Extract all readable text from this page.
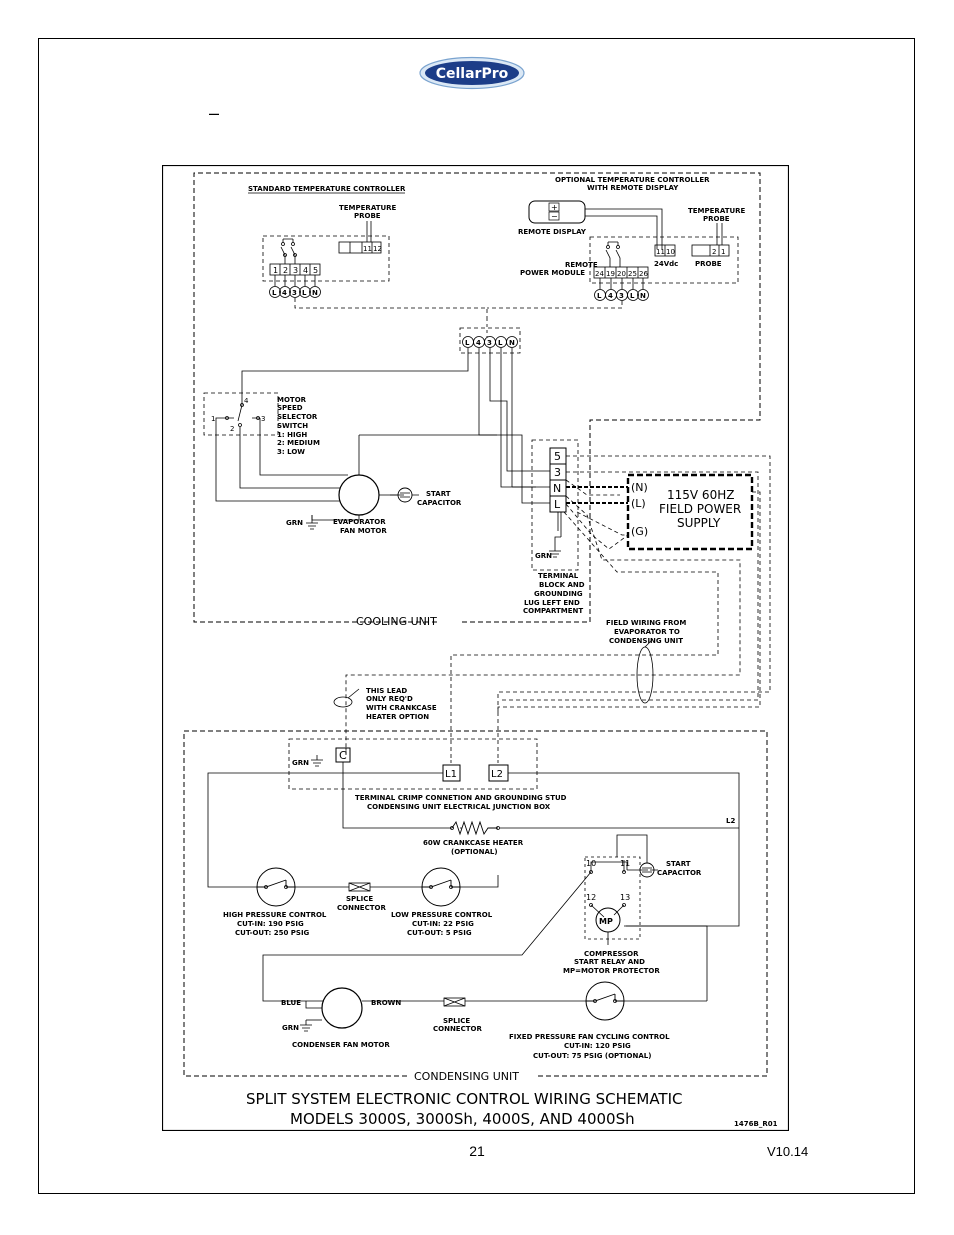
CellarPro
–
COOLING UNIT
STANDARD TEMPERATURE CONTROLLER
TEMPERATURE
PROBE
11 12
1 2 3 4 5
L 4 3 L N
OPTIONAL TEMPERATURE CONTROLLER
WITH REMOTE DISPLAY
+
−
REMOTE DISPLAY
TEMPERATURE
PROBE
11 10
24Vdc
2 1
PROBE
REMOTE
POWER MODULE 24 19 20 25 26
L 4 3 L N
L 4 3 L N
4
1
2
3
MOTOR
SPEED
SELECTOR
SWITCH
1: HIGH
2: MEDIUM
3: LOW
START
CAPACITOR
GRN	EVAPORATOR
FAN MOTOR
5
3
N
L
GRN
TERMINAL
BLOCK AND
GROUNDING
LUG LEFT END
COMPARTMENT
(N)
(L)
(G)
115V 60HZ
FIELD POWER
SUPPLY
FIELD WIRING FROM
EVAPORATOR TO
CONDENSING UNIT
THIS LEAD
ONLY REQ'D
WITH CRANKCASE
HEATER OPTION
CONDENSING UNIT
GRN
C
L1	L2
TERMINAL CRIMP CONNETION AND GROUNDING STUD
CONDENSING UNIT ELECTRICAL JUNCTION BOX
L2
60W CRANKCASE HEATER
(OPTIONAL)
HIGH PRESSURE CONTROL
CUT-IN: 190 PSIG
CUT-OUT: 250 PSIG
SPLICE
CONNECTOR
LOW PRESSURE CONTROL
CUT-IN: 22 PSIG
CUT-OUT: 5 PSIG
10	11
12	13
START
CAPACITOR
MP
COMPRESSOR
START RELAY AND
MP=MOTOR PROTECTOR
BLUE	BROWN
GRN
CONDENSER FAN MOTOR
SPLICE
CONNECTOR
FIXED PRESSURE FAN CYCLING CONTROL
CUT-IN: 120 PSIG
CUT-OUT: 75 PSIG (OPTIONAL)
SPLIT SYSTEM ELECTRONIC CONTROL WIRING SCHEMATIC
MODELS 3000S, 3000Sh, 4000S, AND 4000Sh	1476B_R01
21	V10.14
